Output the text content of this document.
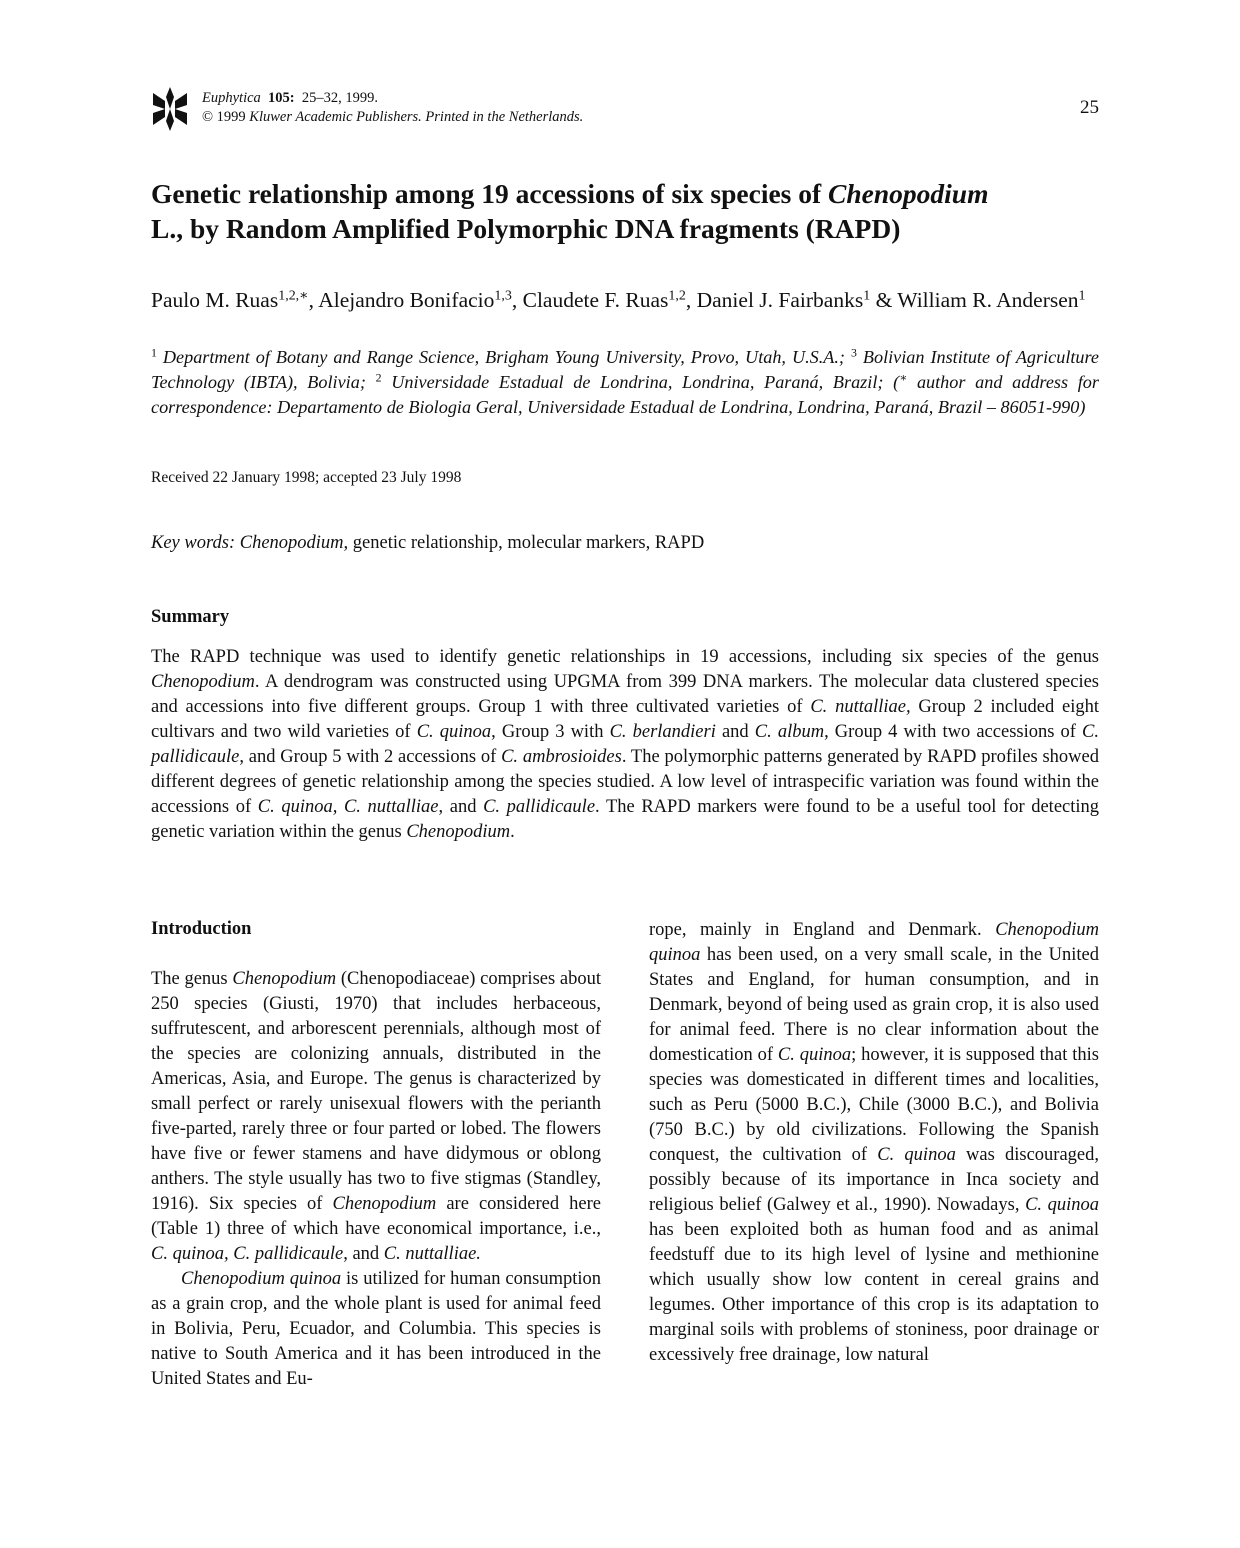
Euphytica 105: 25–32, 1999.
© 1999 Kluwer Academic Publishers. Printed in the Netherlands.	25
Genetic relationship among 19 accessions of six species of Chenopodium
L., by Random Amplified Polymorphic DNA fragments (RAPD)
Paulo M. Ruas$^{1,2,∗}$, Alejandro Bonifacio$^{1,3}$, Claudete F. Ruas$^{1,2}$, Daniel J. Fairbanks$^1$ & William R. Andersen$^1$
$^1$ Department of Botany and Range Science, Brigham Young University, Provo, Utah, U.S.A.; $^3$ Bolivian Institute of Agriculture Technology (IBTA), Bolivia; $^2$ Universidade Estadual de Londrina, Londrina, Paraná, Brazil; (∗ author and address for correspondence: Departamento de Biologia Geral, Universidade Estadual de Londrina, Londrina, Paraná, Brazil – 86051-990)
Received 22 January 1998; accepted 23 July 1998
Key words: Chenopodium, genetic relationship, molecular markers, RAPD
Summary
The RAPD technique was used to identify genetic relationships in 19 accessions, including six species of the genus Chenopodium. A dendrogram was constructed using UPGMA from 399 DNA markers. The molecular data clustered species and accessions into five different groups. Group 1 with three cultivated varieties of C. nuttalliae, Group 2 included eight cultivars and two wild varieties of C. quinoa, Group 3 with C. berlandieri and C. album, Group 4 with two accessions of C. pallidicaule, and Group 5 with 2 accessions of C. ambrosioides. The polymorphic patterns generated by RAPD profiles showed different degrees of genetic relationship among the species studied. A low level of intraspecific variation was found within the accessions of C. quinoa, C. nuttalliae, and C. pallidicaule. The RAPD markers were found to be a useful tool for detecting genetic variation within the genus Chenopodium.
Introduction

The genus Chenopodium (Chenopodiaceae) comprises about 250 species (Giusti, 1970) that includes herbaceous, suffrutescent, and arborescent perennials, although most of the species are colonizing annuals, distributed in the Americas, Asia, and Europe. The genus is characterized by small perfect or rarely unisexual flowers with the perianth five-parted, rarely three or four parted or lobed. The flowers have five or fewer stamens and have didymous or oblong anthers. The style usually has two to five stigmas (Standley, 1916). Six species of Chenopodium are considered here (Table 1) three of which have economical importance, i.e., C. quinoa, C. pallidicaule, and C. nuttalliae.

Chenopodium quinoa is utilized for human consumption as a grain crop, and the whole plant is used for animal feed in Bolivia, Peru, Ecuador, and Columbia. This species is native to South America and it has been introduced in the United States and Eu-

rope, mainly in England and Denmark. Chenopodium quinoa has been used, on a very small scale, in the United States and England, for human consumption, and in Denmark, beyond of being used as grain crop, it is also used for animal feed. There is no clear information about the domestication of C. quinoa; however, it is supposed that this species was domesticated in different times and localities, such as Peru (5000 B.C.), Chile (3000 B.C.), and Bolivia (750 B.C.) by old civilizations. Following the Spanish conquest, the cultivation of C. quinoa was discouraged, possibly because of its importance in Inca society and religious belief (Galwey et al., 1990). Nowadays, C. quinoa has been exploited both as human food and as animal feedstuff due to its high level of lysine and methionine which usually show low content in cereal grains and legumes. Other importance of this crop is its adaptation to marginal soils with problems of stoniness, poor drainage or excessively free drainage, low natural
